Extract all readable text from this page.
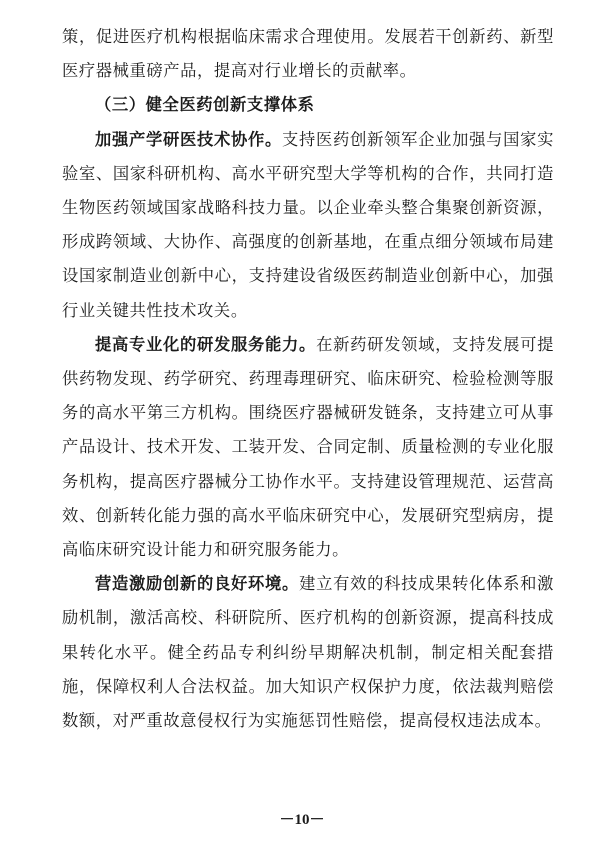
策，促进医疗机构根据临床需求合理使用。发展若干创新药、新型医疗器械重磅产品，提高对行业增长的贡献率。

（三）健全医药创新支撑体系

加强产学研医技术协作。支持医药创新领军企业加强与国家实验室、国家科研机构、高水平研究型大学等机构的合作，共同打造生物医药领域国家战略科技力量。以企业牵头整合集聚创新资源，形成跨领域、大协作、高强度的创新基地，在重点细分领域布局建设国家制造业创新中心，支持建设省级医药制造业创新中心，加强行业关键共性技术攻关。

提高专业化的研发服务能力。在新药研发领域，支持发展可提供药物发现、药学研究、药理毒理研究、临床研究、检验检测等服务的高水平第三方机构。围绕医疗器械研发链条，支持建立可从事产品设计、技术开发、工装开发、合同定制、质量检测的专业化服务机构，提高医疗器械分工协作水平。支持建设管理规范、运营高效、创新转化能力强的高水平临床研究中心，发展研究型病房，提高临床研究设计能力和研究服务能力。

营造激励创新的良好环境。建立有效的科技成果转化体系和激励机制，激活高校、科研院所、医疗机构的创新资源，提高科技成果转化水平。健全药品专利纠纷早期解决机制，制定相关配套措施，保障权利人合法权益。加大知识产权保护力度，依法裁判赔偿数额，对严重故意侵权行为实施惩罚性赔偿，提高侵权违法成本。

－10－
